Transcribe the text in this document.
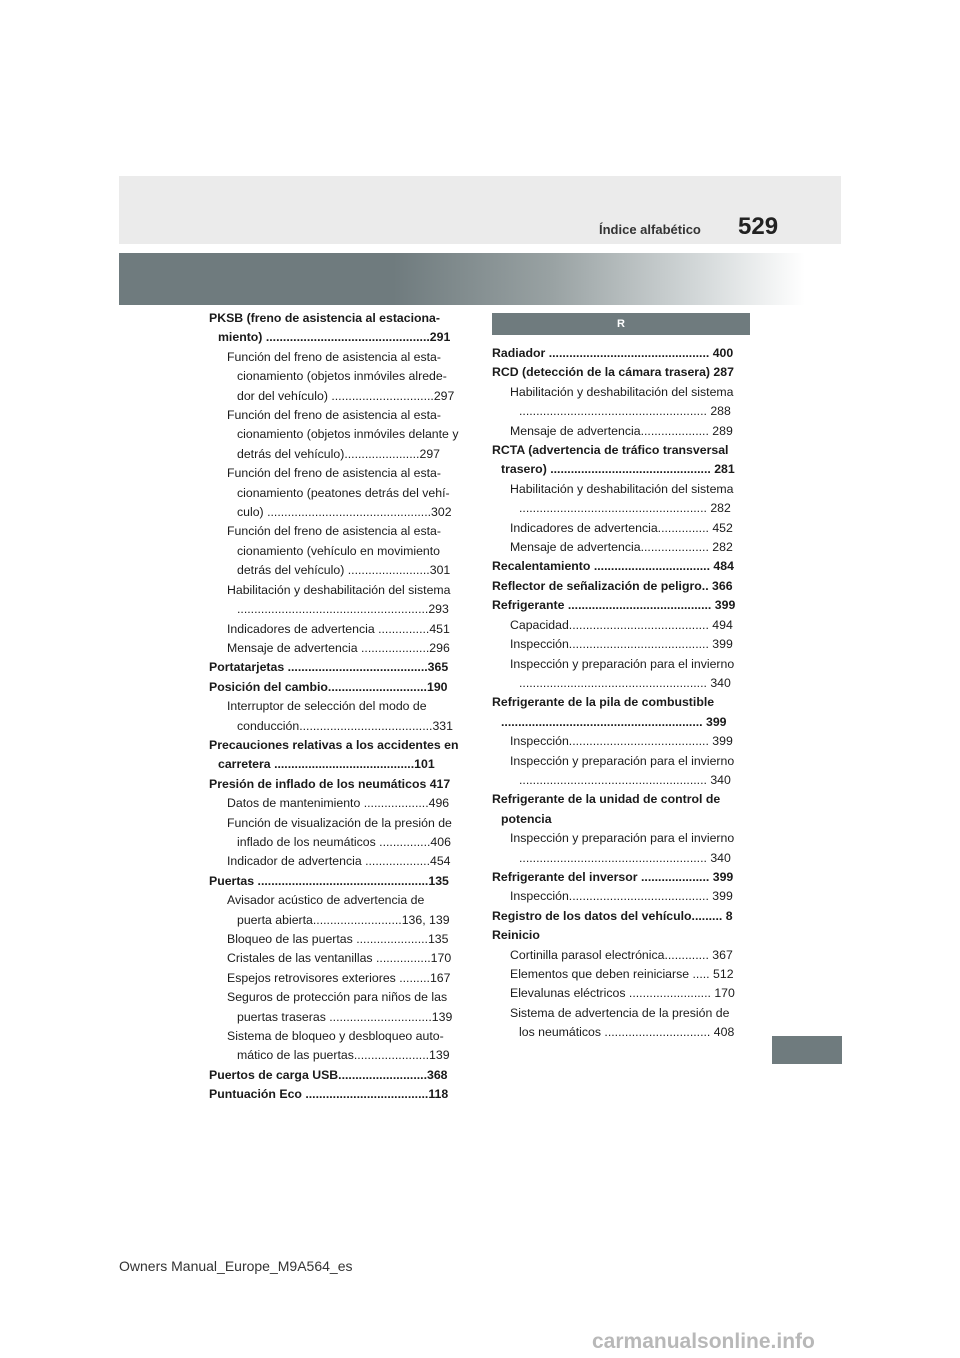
Índice alfabético 529
PKSB (freno de asistencia al estaciona-miento) ................................................291
Función del freno de asistencia al esta-cionamiento (objetos inmóviles alrede-dor del vehículo) ..............................297
Función del freno de asistencia al esta-cionamiento (objetos inmóviles delante y detrás del vehículo)......................297
Función del freno de asistencia al esta-cionamiento (peatones detrás del vehí-culo) ................................................302
Función del freno de asistencia al esta-cionamiento (vehículo en movimiento detrás del vehículo) ........................301
Habilitación y deshabilitación del sistema ........................................................293
Indicadores de advertencia ...............451
Mensaje de advertencia ....................296
Portatarjetas .........................................365
Posición del cambio.............................190
Interruptor de selección del modo de conducción.......................................331
Precauciones relativas a los accidentes en carretera .........................................101
Presión de inflado de los neumáticos 417
Datos de mantenimiento ...................496
Función de visualización de la presión de inflado de los neumáticos ...............406
Indicador de advertencia ...................454
Puertas ..................................................135
Avisador acústico de advertencia de puerta abierta..........................136, 139
Bloqueo de las puertas .....................135
Cristales de las ventanillas ................170
Espejos retrovisores exteriores .........167
Seguros de protección para niños de las puertas traseras ..............................139
Sistema de bloqueo y desbloqueo auto-mático de las puertas......................139
Puertos de carga USB..........................368
Puntuación Eco ....................................118
R
Radiador ............................................... 400
RCD (detección de la cámara trasera) 287
Habilitación y deshabilitación del sistema ....................................................... 288
Mensaje de advertencia.................... 289
RCTA (advertencia de tráfico transversal trasero) ............................................... 281
Habilitación y deshabilitación del sistema ....................................................... 282
Indicadores de advertencia............... 452
Mensaje de advertencia.................... 282
Recalentamiento .................................. 484
Reflector de señalización de peligro.. 366
Refrigerante .......................................... 399
Capacidad......................................... 494
Inspección......................................... 399
Inspección y preparación para el invierno ....................................................... 340
Refrigerante de la pila de combustible ........................................................... 399
Inspección......................................... 399
Inspección y preparación para el invierno ....................................................... 340
Refrigerante de la unidad de control de potencia
Inspección y preparación para el invierno ....................................................... 340
Refrigerante del inversor .................... 399
Inspección......................................... 399
Registro de los datos del vehículo......... 8
Reinicio
Cortinilla parasol electrónica............. 367
Elementos que deben reiniciarse ..... 512
Elevalunas eléctricos ........................ 170
Sistema de advertencia de la presión de los neumáticos ............................... 408
Owners Manual_Europe_M9A564_es
carmanualsonline.info
